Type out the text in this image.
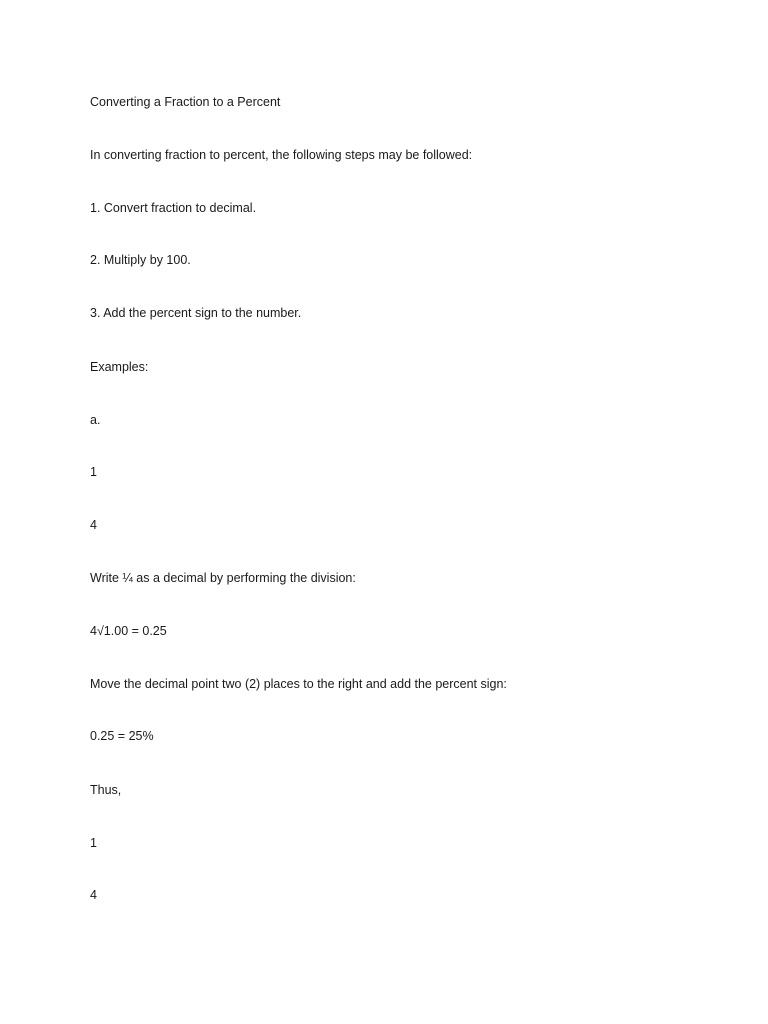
Converting a Fraction to a Percent

In converting fraction to percent, the following steps may be followed:

1. Convert fraction to decimal.

2. Multiply by 100.

3. Add the percent sign to the number.

Examples:

a.

1

4

Write ¼ as a decimal by performing the division:

4√1.00 = 0.25

Move the decimal point two (2) places to the right and add the percent sign:

0.25 = 25%

Thus,

1

4
